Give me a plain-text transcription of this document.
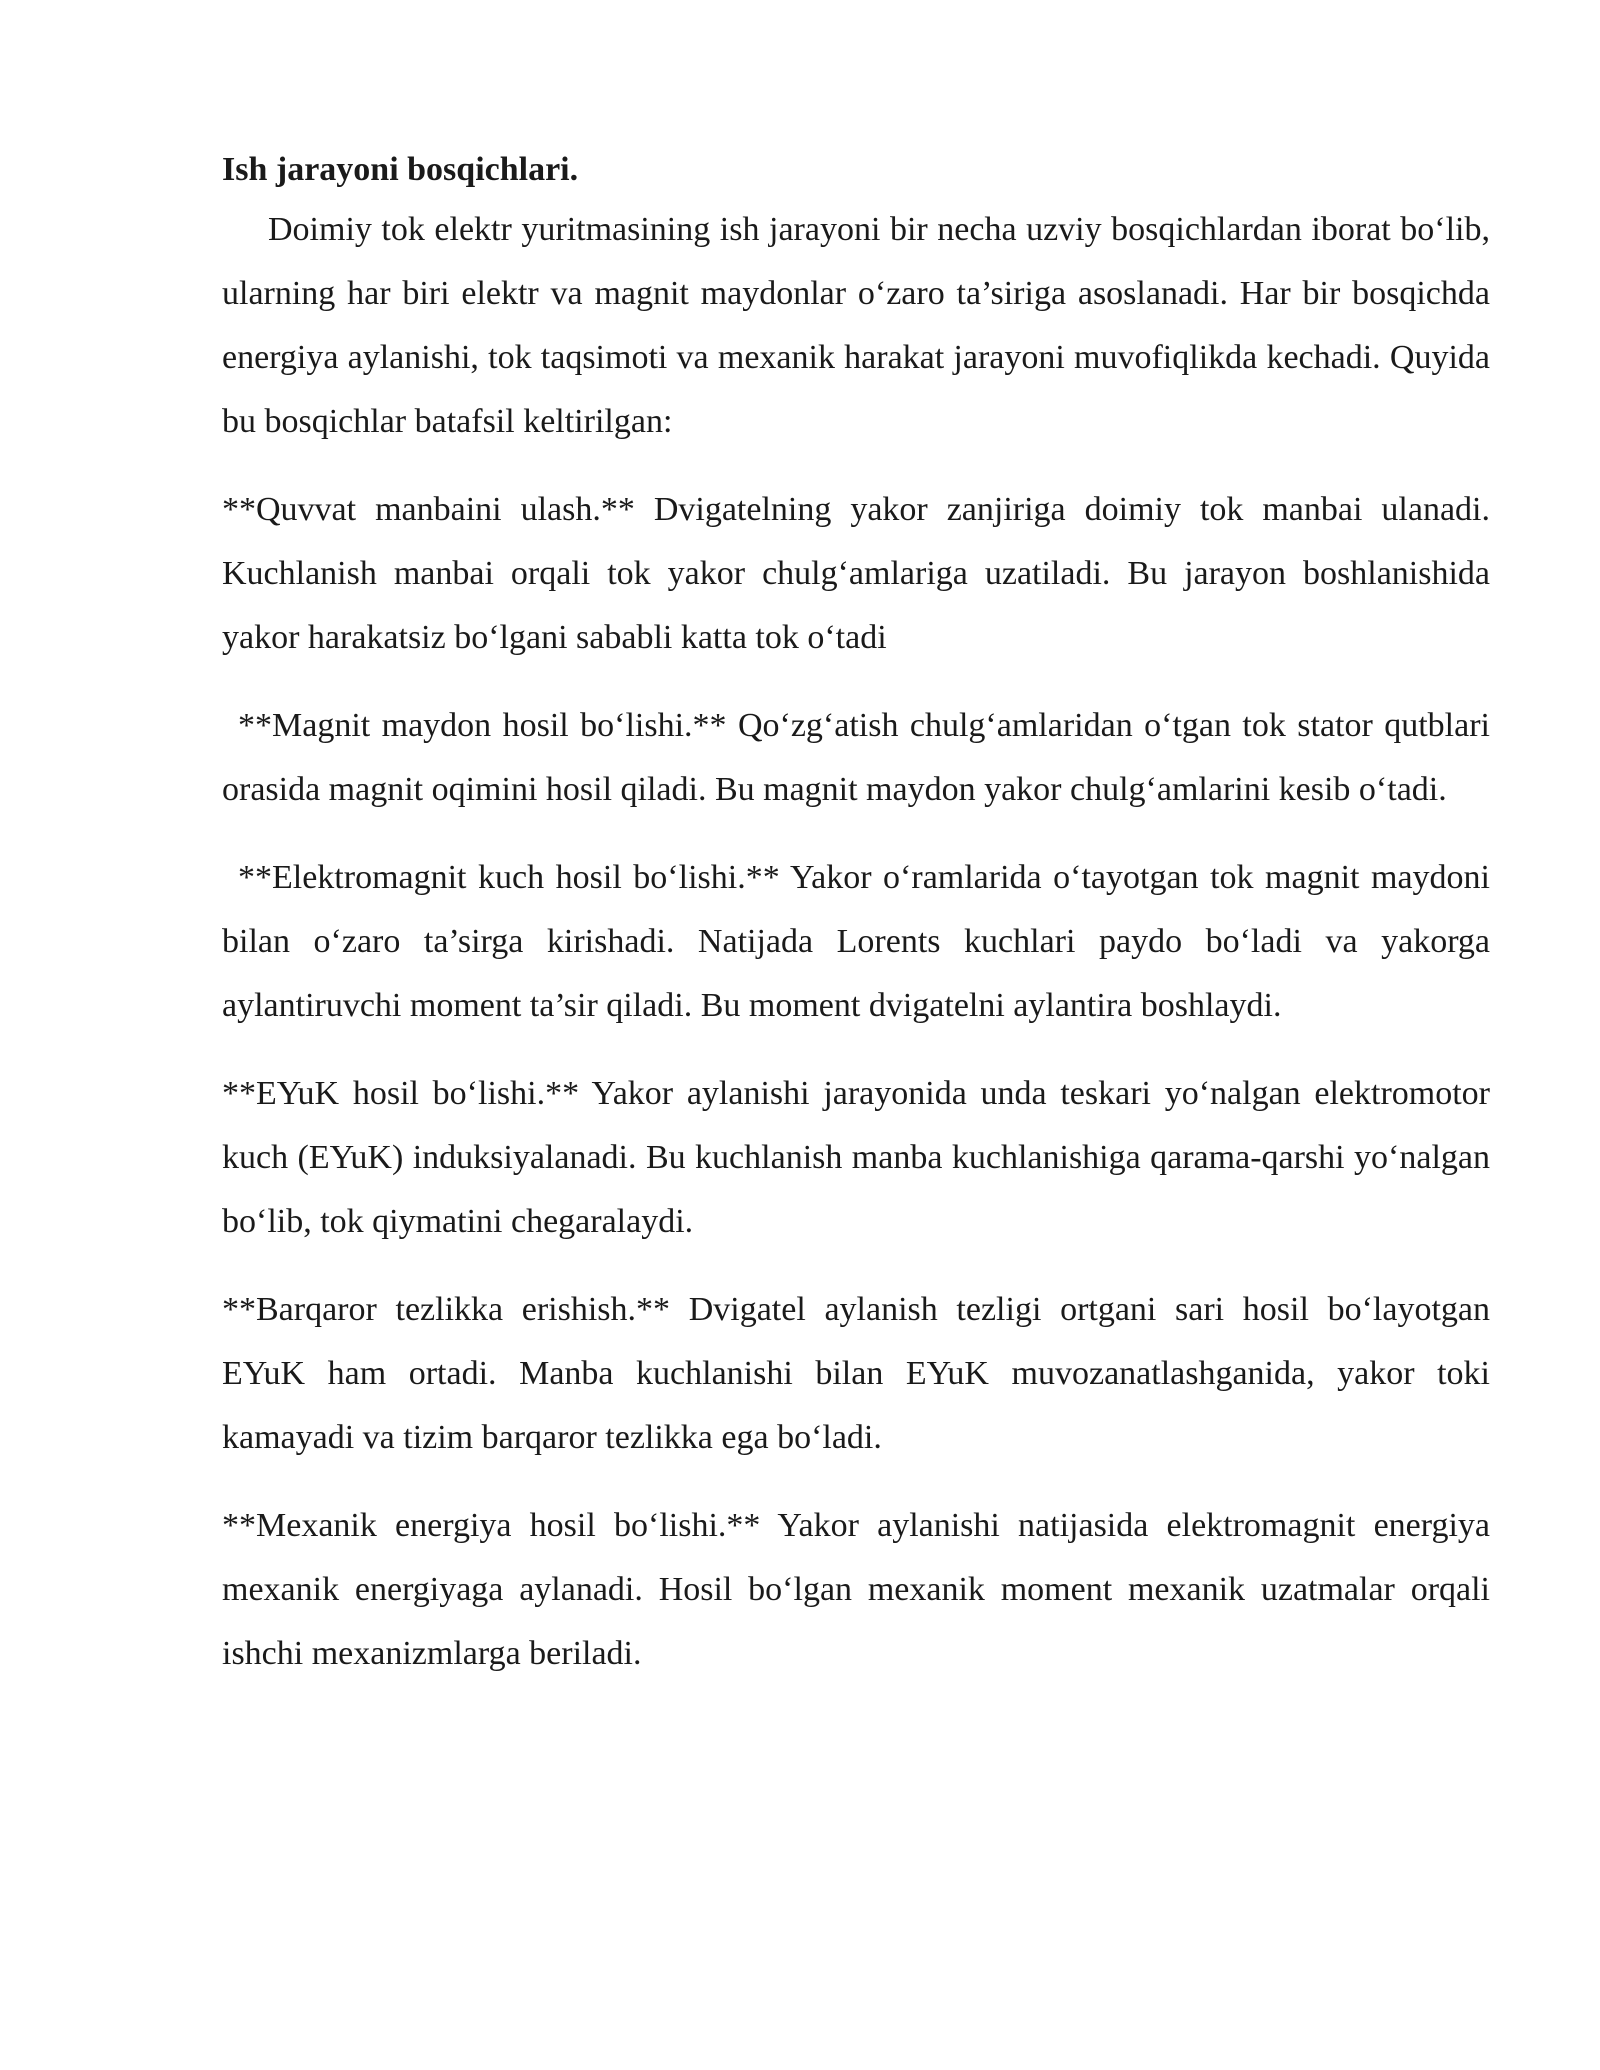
Ish jarayoni bosqichlari.

Doimiy tok elektr yuritmasining ish jarayoni bir necha uzviy bosqichlardan iborat bo‘lib, ularning har biri elektr va magnit maydonlar o‘zaro ta’siriga asoslanadi. Har bir bosqichda energiya aylanishi, tok taqsimoti va mexanik harakat jarayoni muvofiqlikda kechadi. Quyida bu bosqichlar batafsil keltirilgan:

**Quvvat manbaini ulash.** Dvigatelning yakor zanjiriga doimiy tok manbai ulanadi. Kuchlanish manbai orqali tok yakor chulg‘amlariga uzatiladi. Bu jarayon boshlanishida yakor harakatsiz bo‘lgani sababli katta tok o‘tadi

**Magnit maydon hosil bo‘lishi.** Qo‘zg‘atish chulg‘amlaridan o‘tgan tok stator qutblari orasida magnit oqimini hosil qiladi. Bu magnit maydon yakor chulg‘amlarini kesib o‘tadi.

**Elektromagnit kuch hosil bo‘lishi.** Yakor o‘ramlarida o‘tayotgan tok magnit maydoni bilan o‘zaro ta’sirga kirishadi. Natijada Lorents kuchlari paydo bo‘ladi va yakorga aylantiruvchi moment ta’sir qiladi. Bu moment dvigatelni aylantira boshlaydi.

**EYuK hosil bo‘lishi.** Yakor aylanishi jarayonida unda teskari yo‘nalgan elektromotor kuch (EYuK) induksiyalanadi. Bu kuchlanish manba kuchlanishiga qarama-qarshi yo‘nalgan bo‘lib, tok qiymatini chegaralaydi.

**Barqaror tezlikka erishish.** Dvigatel aylanish tezligi ortgani sari hosil bo‘layotgan EYuK ham ortadi. Manba kuchlanishi bilan EYuK muvozanatlashganida, yakor toki kamayadi va tizim barqaror tezlikka ega bo‘ladi.

**Mexanik energiya hosil bo‘lishi.** Yakor aylanishi natijasida elektromagnit energiya mexanik energiyaga aylanadi. Hosil bo‘lgan mexanik moment mexanik uzatmalar orqali ishchi mexanizmlarga beriladi.
